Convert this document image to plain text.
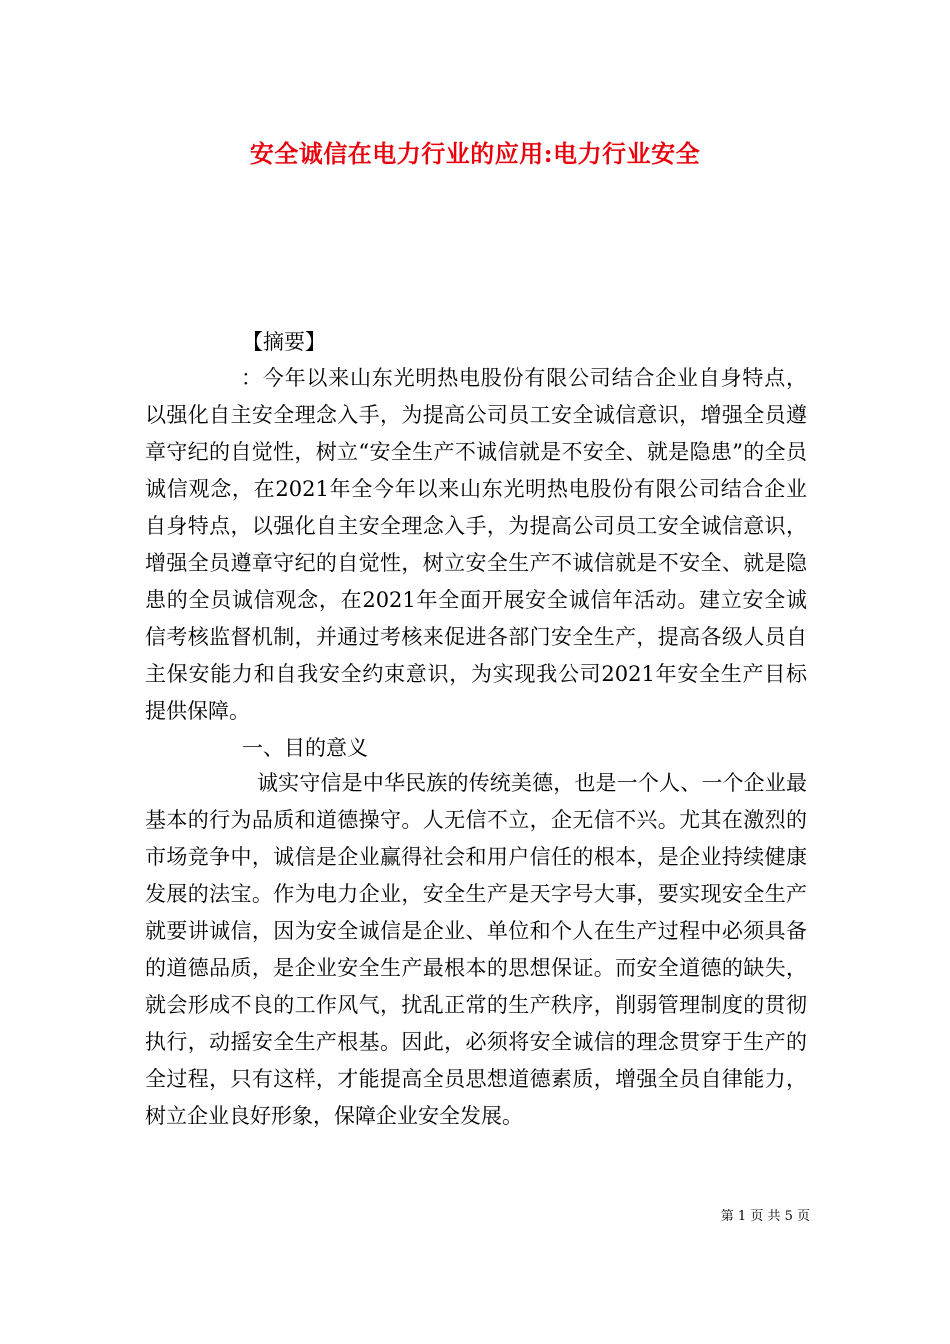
安全诚信在电力行业的应用:电力行业安全
【摘要】
：今年以来山东光明热电股份有限公司结合企业自身特点，以强化自主安全理念入手，为提高公司员工安全诚信意识，增强全员遵章守纪的自觉性，树立“安全生产不诚信就是不安全、就是隐患”的全员诚信观念，在2021年全今年以来山东光明热电股份有限公司结合企业自身特点，以强化自主安全理念入手，为提高公司员工安全诚信意识，增强全员遵章守纪的自觉性，树立安全生产不诚信就是不安全、就是隐患的全员诚信观念，在2021年全面开展安全诚信年活动。建立安全诚信考核监督机制，并通过考核来促进各部门安全生产，提高各级人员自主保安能力和自我安全约束意识，为实现我公司2021年安全生产目标提供保障。
一、目的意义
诚实守信是中华民族的传统美德，也是一个人、一个企业最基本的行为品质和道德操守。人无信不立，企无信不兴。尤其在激烈的市场竞争中，诚信是企业赢得社会和用户信任的根本，是企业持续健康发展的法宝。作为电力企业，安全生产是天字号大事，要实现安全生产就要讲诚信，因为安全诚信是企业、单位和个人在生产过程中必须具备的道德品质，是企业安全生产最根本的思想保证。而安全道德的缺失，就会形成不良的工作风气，扰乱正常的生产秩序，削弱管理制度的贯彻执行，动摇安全生产根基。因此，必须将安全诚信的理念贯穿于生产的全过程，只有这样，才能提高全员思想道德素质，增强全员自律能力，树立企业良好形象，保障企业安全发展。
第 1 页 共 5 页
